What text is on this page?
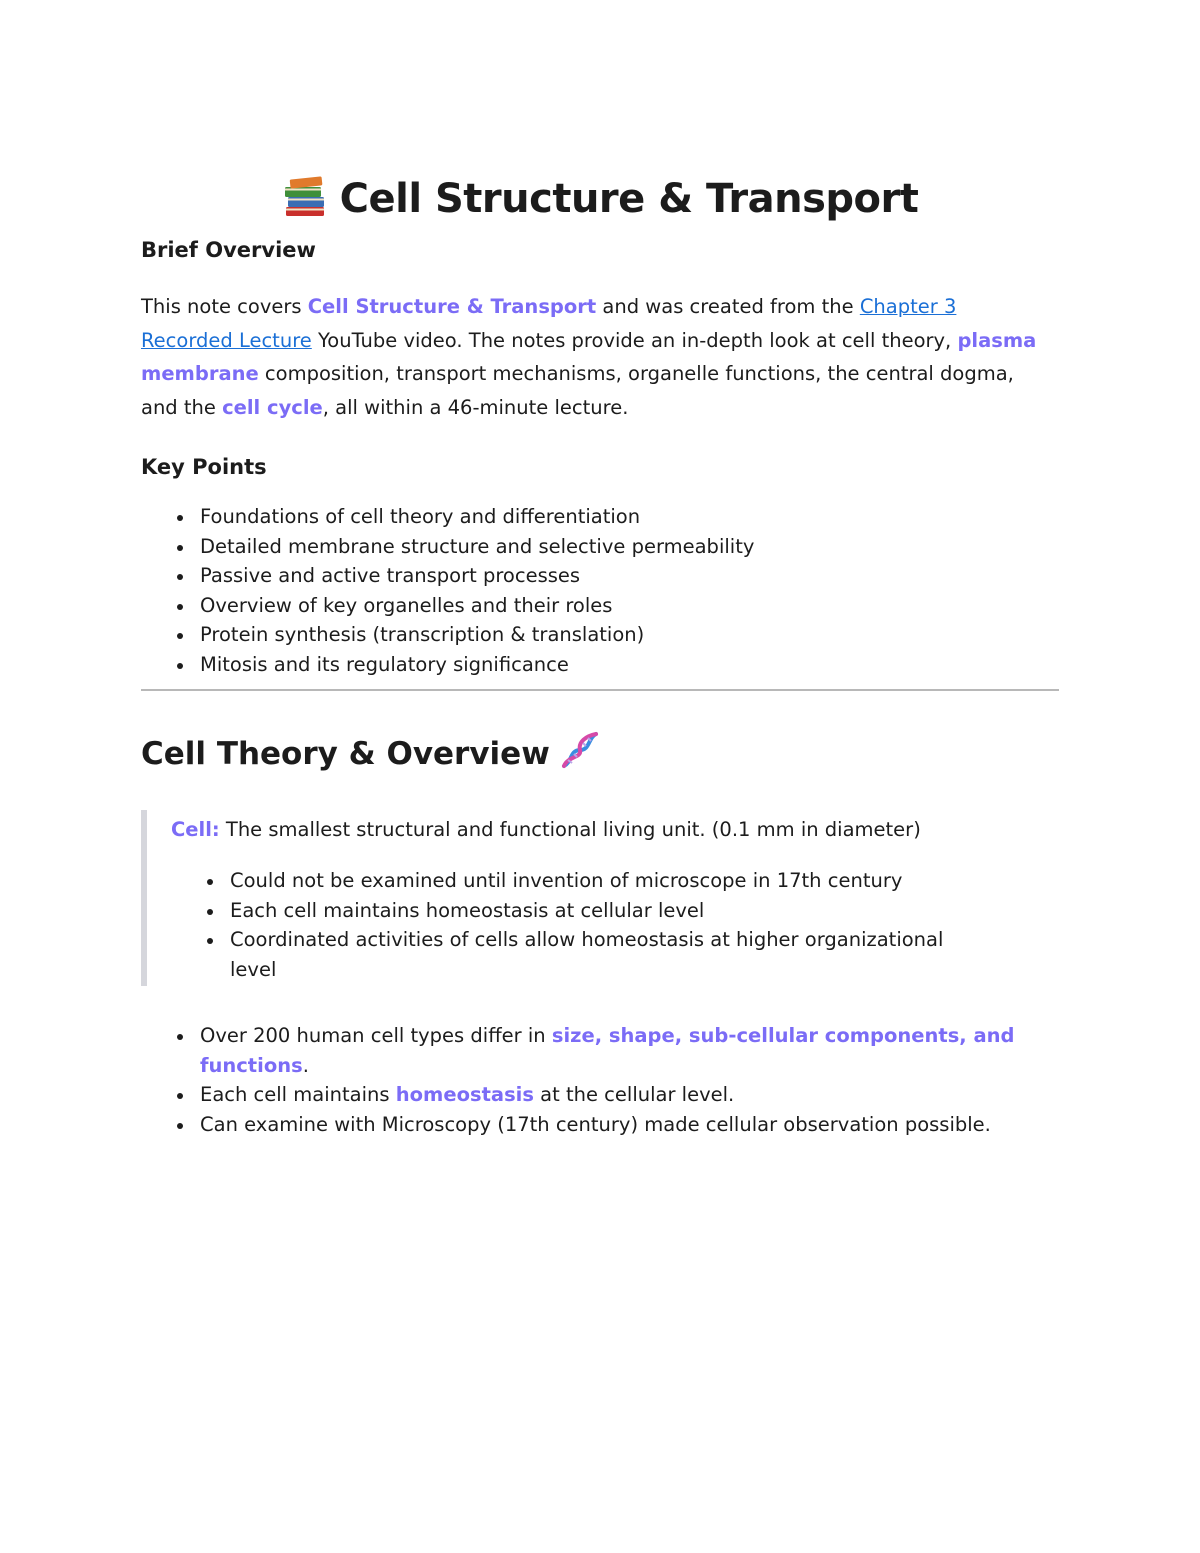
Cell Structure & Transport
Brief Overview

This note covers Cell Structure & Transport and was created from the Chapter 3 Recorded Lecture YouTube video. The notes provide an in-depth look at cell theory, plasma membrane composition, transport mechanisms, organelle functions, the central dogma, and the cell cycle, all within a 46-minute lecture.

Key Points
Foundations of cell theory and differentiation
Detailed membrane structure and selective permeability
Passive and active transport processes
Overview of key organelles and their roles
Protein synthesis (transcription & translation)
Mitosis and its regulatory significance
Cell Theory & Overview

Cell: The smallest structural and functional living unit. (0.1 mm in diameter)

Could not be examined until invention of microscope in 17th century
Each cell maintains homeostasis at cellular level
Coordinated activities of cells allow homeostasis at higher organizational level
Over 200 human cell types differ in size, shape, sub-cellular components, and functions.
Each cell maintains homeostasis at the cellular level.
Can examine with Microscopy (17th century) made cellular observation possible.
